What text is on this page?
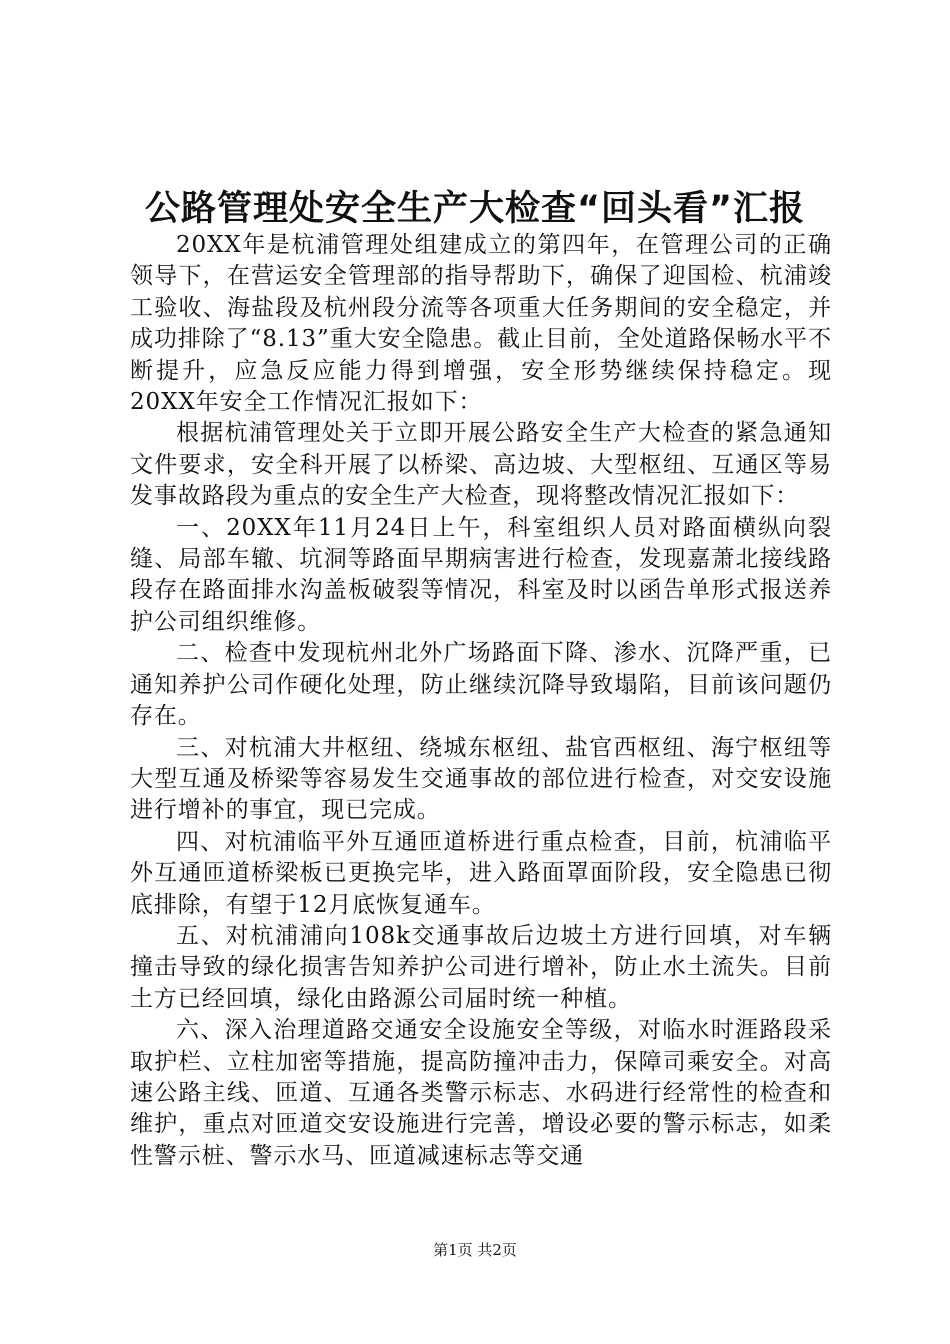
公路管理处安全生产大检查“回头看”汇报

20XX年是杭浦管理处组建成立的第四年，在管理公司的正确领导下，在营运安全管理部的指导帮助下，确保了迎国检、杭浦竣工验收、海盐段及杭州段分流等各项重大任务期间的安全稳定，并成功排除了“8.13”重大安全隐患。截止目前，全处道路保畅水平不断提升，应急反应能力得到增强，安全形势继续保持稳定。现20XX年安全工作情况汇报如下：

根据杭浦管理处关于立即开展公路安全生产大检查的紧急通知文件要求，安全科开展了以桥梁、高边坡、大型枢纽、互通区等易发事故路段为重点的安全生产大检查，现将整改情况汇报如下：

一、20XX年11月24日上午，科室组织人员对路面横纵向裂缝、局部车辙、坑洞等路面早期病害进行检查，发现嘉萧北接线路段存在路面排水沟盖板破裂等情况，科室及时以函告单形式报送养护公司组织维修。

二、检查中发现杭州北外广场路面下降、渗水、沉降严重，已通知养护公司作硬化处理，防止继续沉降导致塌陷，目前该问题仍存在。

三、对杭浦大井枢纽、绕城东枢纽、盐官西枢纽、海宁枢纽等大型互通及桥梁等容易发生交通事故的部位进行检查，对交安设施进行增补的事宜，现已完成。

四、对杭浦临平外互通匝道桥进行重点检查，目前，杭浦临平外互通匝道桥梁板已更换完毕，进入路面罩面阶段，安全隐患已彻底排除，有望于12月底恢复通车。

五、对杭浦浦向108k交通事故后边坡土方进行回填，对车辆撞击导致的绿化损害告知养护公司进行增补，防止水土流失。目前土方已经回填，绿化由路源公司届时统一种植。

六、深入治理道路交通安全设施安全等级，对临水时涯路段采取护栏、立柱加密等措施，提高防撞冲击力，保障司乘安全。对高速公路主线、匝道、互通各类警示标志、水码进行经常性的检查和维护，重点对匝道交安设施进行完善，增设必要的警示标志，如柔性警示桩、警示水马、匝道减速标志等交通

第1页 共2页
